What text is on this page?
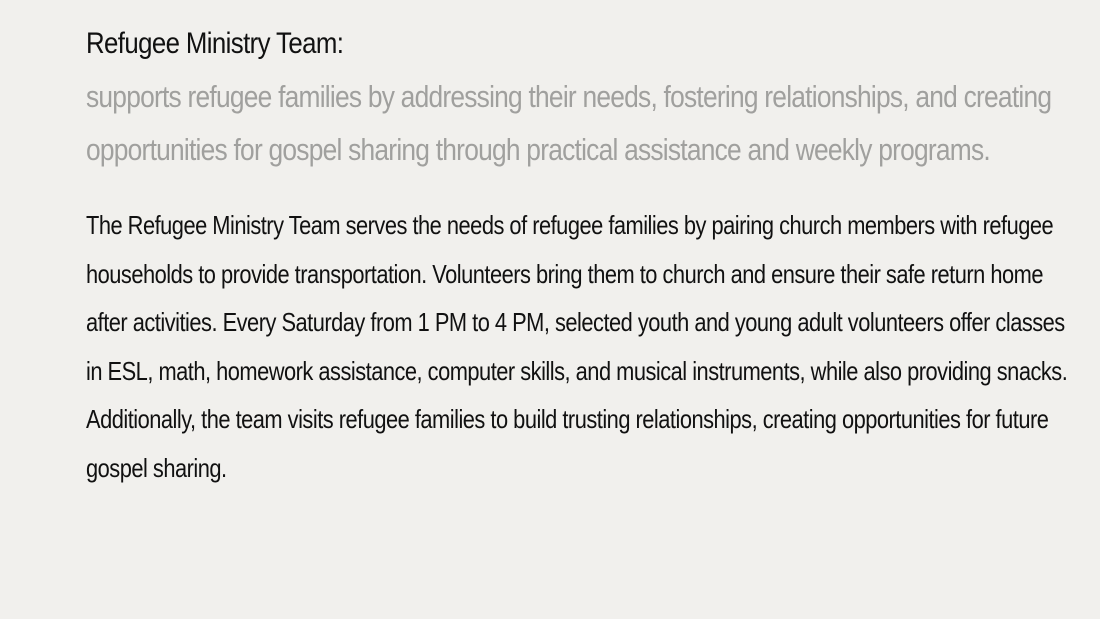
Refugee Ministry Team:

supports refugee families by addressing their needs, fostering relationships, and creating opportunities for gospel sharing through practical assistance and weekly programs.

The Refugee Ministry Team serves the needs of refugee families by pairing church members with refugee households to provide transportation. Volunteers bring them to church and ensure their safe return home after activities. Every Saturday from 1 PM to 4 PM, selected youth and young adult volunteers offer classes in ESL, math, homework assistance, computer skills, and musical instruments, while also providing snacks. Additionally, the team visits refugee families to build trusting relationships, creating opportunities for future gospel sharing.
